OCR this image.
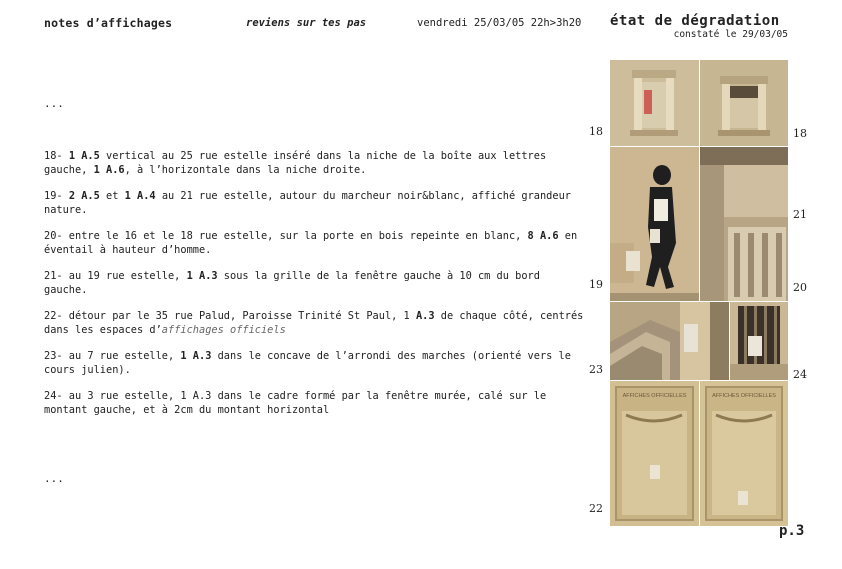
notes d’affichages	reviens sur tes pas	vendredi 25/03/05 22h>3h20 état de dégradation
constaté le 29/03/05
...

18- 1 A.5 vertical au 25 rue estelle inséré dans la niche de la boîte aux lettres gauche, 1 A.6, à l’horizontale dans la niche droite.

19- 2 A.5 et 1 A.4 au 21 rue estelle, autour du marcheur noir&blanc, affiché grandeur nature.

20- entre le 16 et le 18 rue estelle, sur la porte en bois repeinte en blanc, 8 A.6 en éventail à hauteur d’homme.

21- au 19 rue estelle, 1 A.3 sous la grille de la fenêtre gauche à 10 cm du bord gauche.

22- détour par le 35 rue Palud, Paroisse Trinité St Paul, 1 A.3 de chaque côté, centrés dans les espaces d’affichages officiels

23- au 7 rue estelle, 1 A.3 dans le concave de l’arrondi des marches (orienté vers le cours julien).

24- au 3 rue estelle, 1 A.3 dans le cadre formé par la fenêtre murée, calé sur le montant gauche, et à 2cm du montant horizontal

...
AFFICHES OFFICIELLES	AFFICHES OFFICIELLES
18	18
21
19	20
23	24
22
p.3
